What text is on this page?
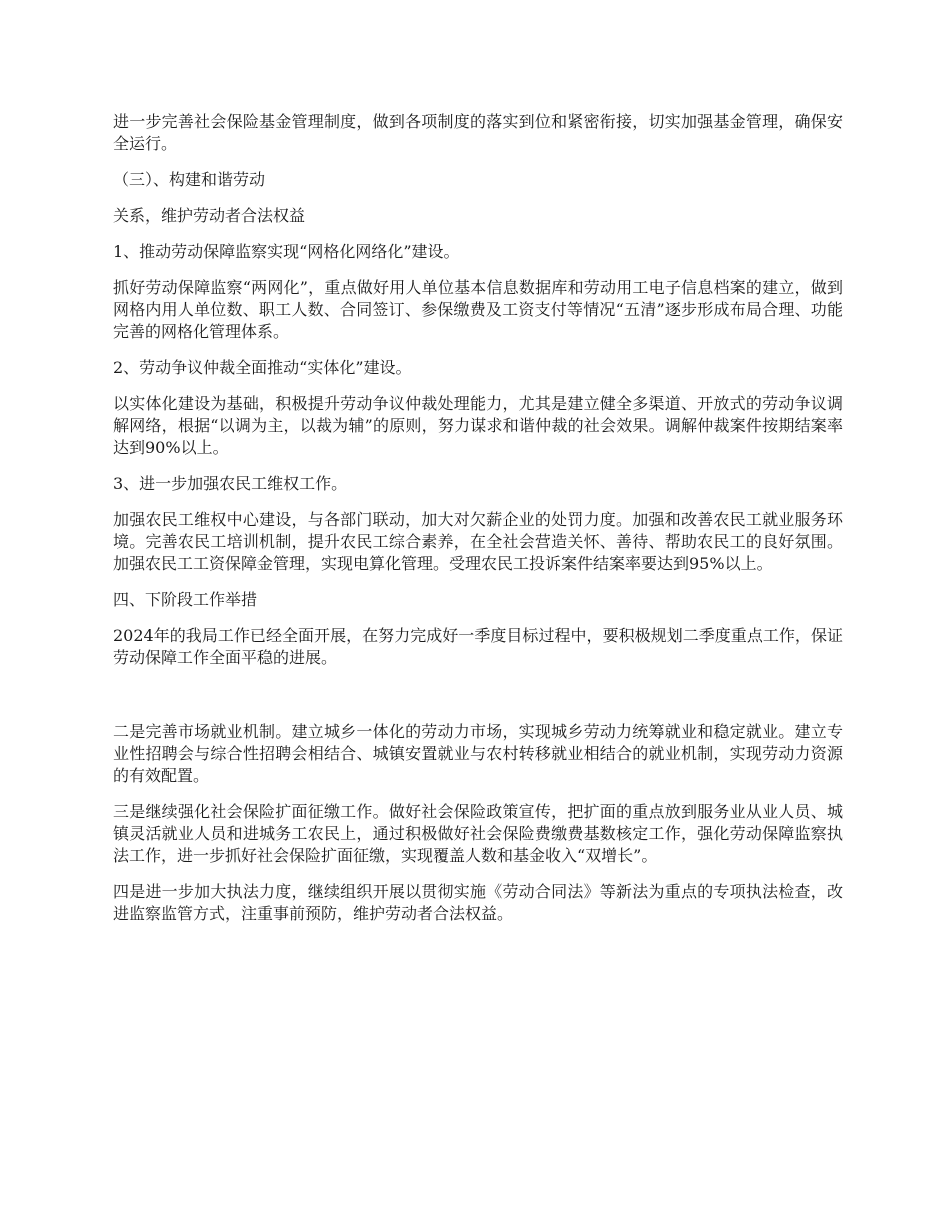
进一步完善社会保险基金管理制度，做到各项制度的落实到位和紧密衔接，切实加强基金管理，确保安全运行。

（三）、构建和谐劳动

关系，维护劳动者合法权益

1、推动劳动保障监察实现“网格化网络化”建设。

抓好劳动保障监察“两网化”，重点做好用人单位基本信息数据库和劳动用工电子信息档案的建立，做到网格内用人单位数、职工人数、合同签订、参保缴费及工资支付等情况“五清”逐步形成布局合理、功能完善的网格化管理体系。

2、劳动争议仲裁全面推动“实体化”建设。

以实体化建设为基础，积极提升劳动争议仲裁处理能力，尤其是建立健全多渠道、开放式的劳动争议调解网络，根据“以调为主，以裁为辅”的原则，努力谋求和谐仲裁的社会效果。调解仲裁案件按期结案率达到90%以上。

3、进一步加强农民工维权工作。

加强农民工维权中心建设，与各部门联动，加大对欠薪企业的处罚力度。加强和改善农民工就业服务环境。完善农民工培训机制，提升农民工综合素养，在全社会营造关怀、善待、帮助农民工的良好氛围。加强农民工工资保障金管理，实现电算化管理。受理农民工投诉案件结案率要达到95%以上。

四、下阶段工作举措

2024年的我局工作已经全面开展，在努力完成好一季度目标过程中，要积极规划二季度重点工作，保证劳动保障工作全面平稳的进展。

二是完善市场就业机制。建立城乡一体化的劳动力市场，实现城乡劳动力统筹就业和稳定就业。建立专业性招聘会与综合性招聘会相结合、城镇安置就业与农村转移就业相结合的就业机制，实现劳动力资源的有效配置。

三是继续强化社会保险扩面征缴工作。做好社会保险政策宣传，把扩面的重点放到服务业从业人员、城镇灵活就业人员和进城务工农民上，通过积极做好社会保险费缴费基数核定工作，强化劳动保障监察执法工作，进一步抓好社会保险扩面征缴，实现覆盖人数和基金收入“双增长”。

四是进一步加大执法力度，继续组织开展以贯彻实施《劳动合同法》等新法为重点的专项执法检查，改进监察监管方式，注重事前预防，维护劳动者合法权益。
